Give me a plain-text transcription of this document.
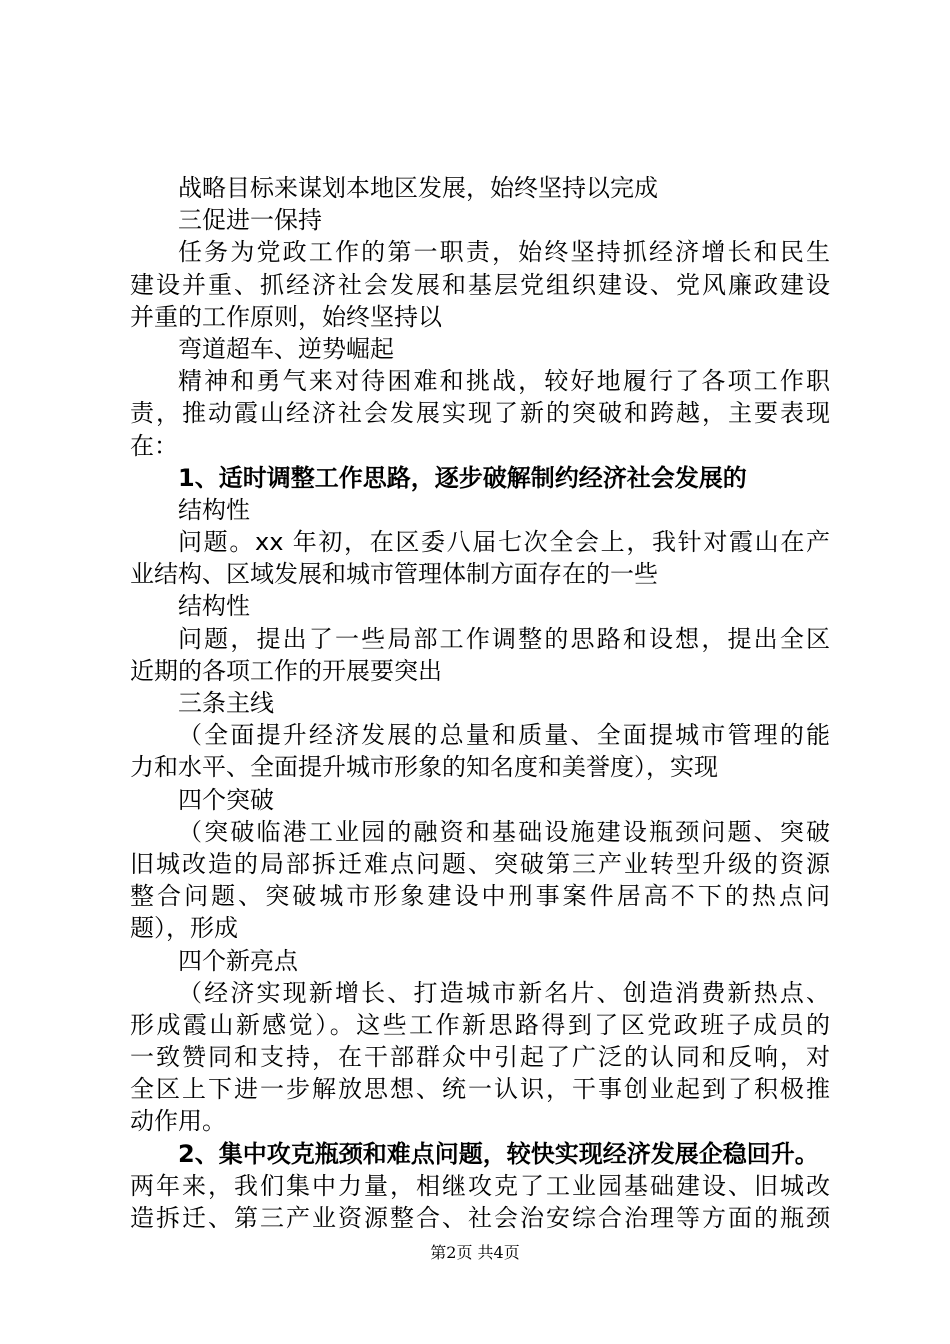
战略目标来谋划本地区发展，始终坚持以完成
三促进一保持
任务为党政工作的第一职责，始终坚持抓经济增长和民生
建设并重、抓经济社会发展和基层党组织建设、党风廉政建设
并重的工作原则，始终坚持以
弯道超车、逆势崛起
精神和勇气来对待困难和挑战，较好地履行了各项工作职
责，推动霞山经济社会发展实现了新的突破和跨越，主要表现
在：
1、适时调整工作思路，逐步破解制约经济社会发展的
结构性
问题。xx 年初，在区委八届七次全会上，我针对霞山在产
业结构、区域发展和城市管理体制方面存在的一些
结构性
问题，提出了一些局部工作调整的思路和设想，提出全区
近期的各项工作的开展要突出
三条主线
（全面提升经济发展的总量和质量、全面提城市管理的能
力和水平、全面提升城市形象的知名度和美誉度），实现
四个突破
（突破临港工业园的融资和基础设施建设瓶颈问题、突破
旧城改造的局部拆迁难点问题、突破第三产业转型升级的资源
整合问题、突破城市形象建设中刑事案件居高不下的热点问
题），形成
四个新亮点
（经济实现新增长、打造城市新名片、创造消费新热点、
形成霞山新感觉）。这些工作新思路得到了区党政班子成员的
一致赞同和支持，在干部群众中引起了广泛的认同和反响，对
全区上下进一步解放思想、统一认识，干事创业起到了积极推
动作用。
2、集中攻克瓶颈和难点问题，较快实现经济发展企稳回升。
两年来，我们集中力量，相继攻克了工业园基础建设、旧城改
造拆迁、第三产业资源整合、社会治安综合治理等方面的瓶颈
第2页 共4页
